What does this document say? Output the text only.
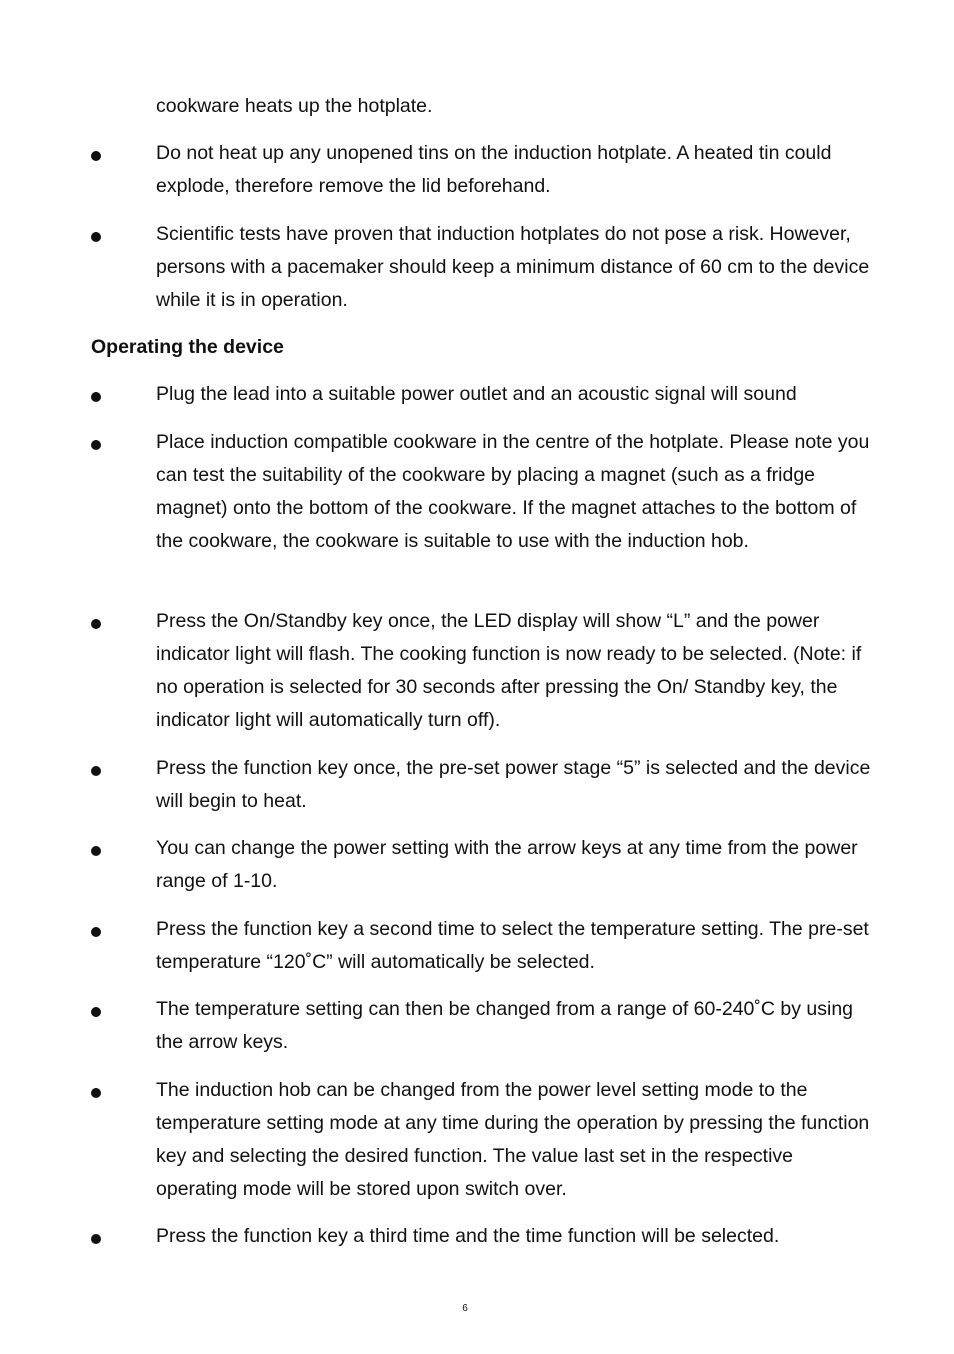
cookware heats up the hotplate.

Do not heat up any unopened tins on the induction hotplate. A heated tin could explode, therefore remove the lid beforehand.

Scientific tests have proven that induction hotplates do not pose a risk. However, persons with a pacemaker should keep a minimum distance of 60 cm to the device while it is in operation.

Operating the device

Plug the lead into a suitable power outlet and an acoustic signal will sound

Place induction compatible cookware in the centre of the hotplate. Please note you can test the suitability of the cookware by placing a magnet (such as a fridge magnet) onto the bottom of the cookware. If the magnet attaches to the bottom of the cookware, the cookware is suitable to use with the induction hob.

Press the On/Standby key once, the LED display will show “L” and the power indicator light will flash. The cooking function is now ready to be selected. (Note: if no operation is selected for 30 seconds after pressing the On/ Standby key, the indicator light will automatically turn off).

Press the function key once, the pre-set power stage “5” is selected and the device will begin to heat.

You can change the power setting with the arrow keys at any time from the power range of 1-10.

Press the function key a second time to select the temperature setting. The pre-set temperature “120˚C” will automatically be selected.

The temperature setting can then be changed from a range of 60-240˚C by using the arrow keys.

The induction hob can be changed from the power level setting mode to the temperature setting mode at any time during the operation by pressing the function key and selecting the desired function. The value last set in the respective operating mode will be stored upon switch over.

Press the function key a third time and the time function will be selected.

6
